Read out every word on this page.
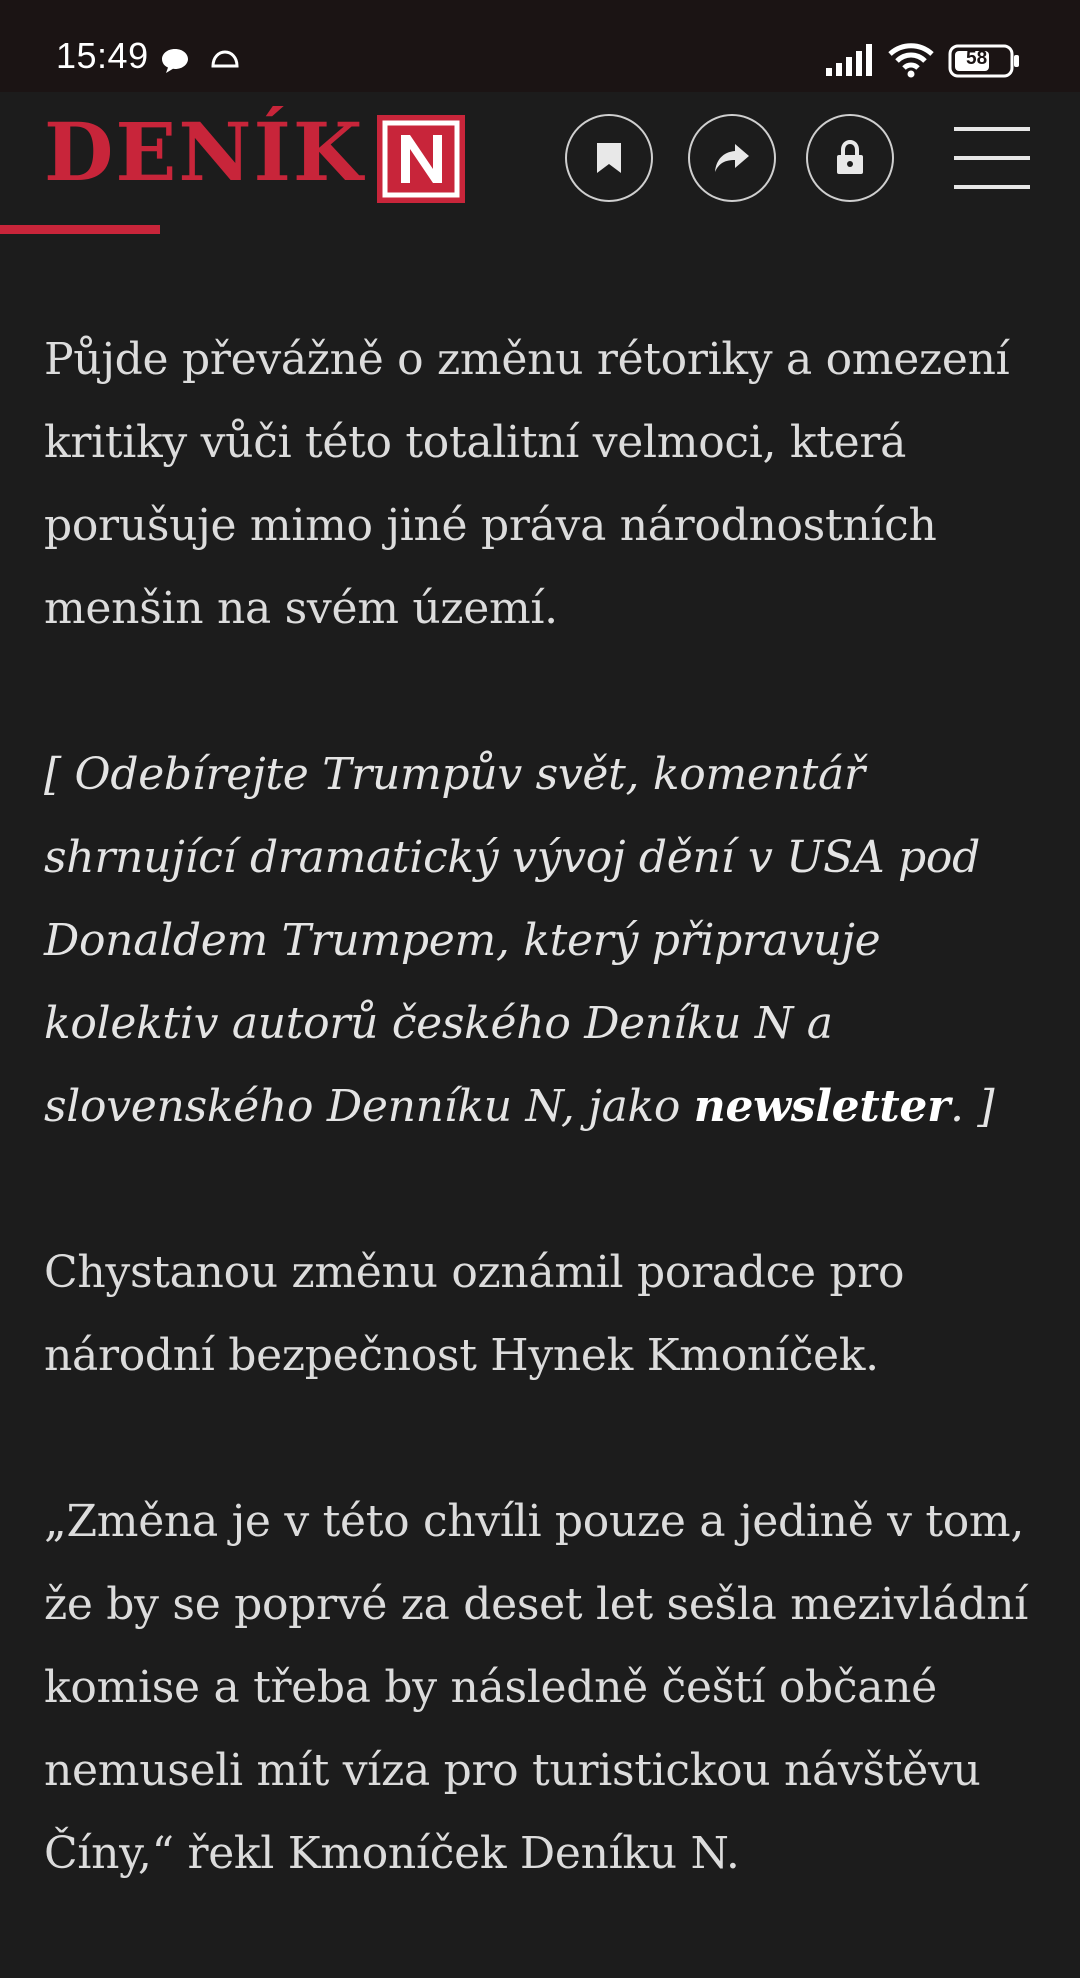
15:49	58
DENÍK

Půjde převážně o změnu rétoriky a omezení kritiky vůči této totalitní velmoci, která porušuje mimo jiné práva národnostních menšin na svém území.

[ Odebírejte Trumpův svět, komentář shrnující dramatický vývoj dění v USA pod Donaldem Trumpem, který připravuje kolektiv autorů českého Deníku N a slovenského Denníku N, jako newsletter. ]

Chystanou změnu oznámil poradce pro národní bezpečnost Hynek Kmoníček.

„Změna je v této chvíli pouze a jedině v tom, že by se poprvé za deset let sešla mezivládní komise a třeba by následně čeští občané nemuseli mít víza pro turistickou návštěvu Číny,“ řekl Kmoníček Deníku N.
